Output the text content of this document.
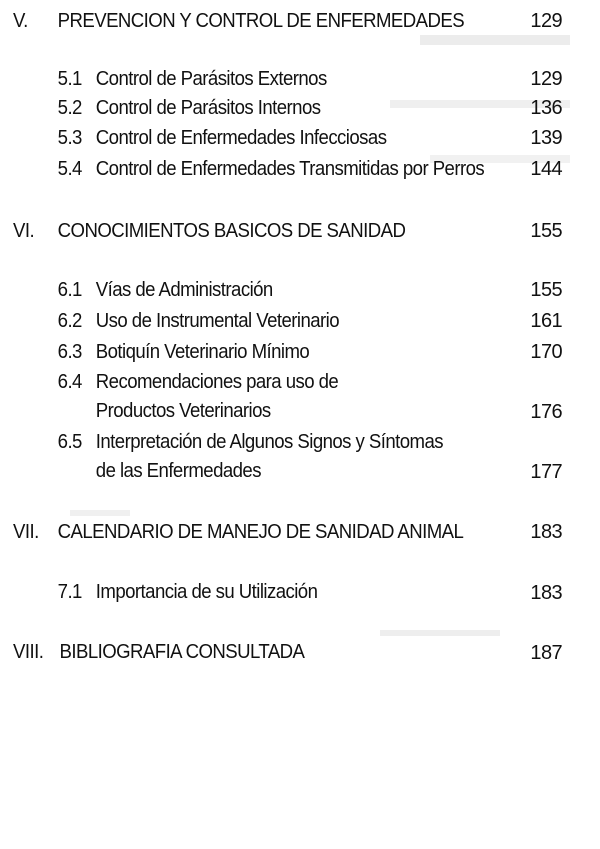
V. PREVENCION Y CONTROL DE ENFERMEDADES	129
5.1 Control de Parásitos Externos	129
5.2 Control de Parásitos Internos	136
5.3 Control de Enfermedades Infecciosas	139
5.4 Control de Enfermedades Transmitidas por Perros 144
VI. CONOCIMIENTOS BASICOS DE SANIDAD	155
6.1 Vías de Administración	155
6.2 Uso de Instrumental Veterinario	161
6.3 Botiquín Veterinario Mínimo	170
6.4 Recomendaciones para uso de
Productos Veterinarios	176
6.5 Interpretación de Algunos Signos y Síntomas
de las Enfermedades	177
VII. CALENDARIO DE MANEJO DE SANIDAD ANIMAL	183
7.1 Importancia de su Utilización	183
VIII. BIBLIOGRAFIA CONSULTADA	187
